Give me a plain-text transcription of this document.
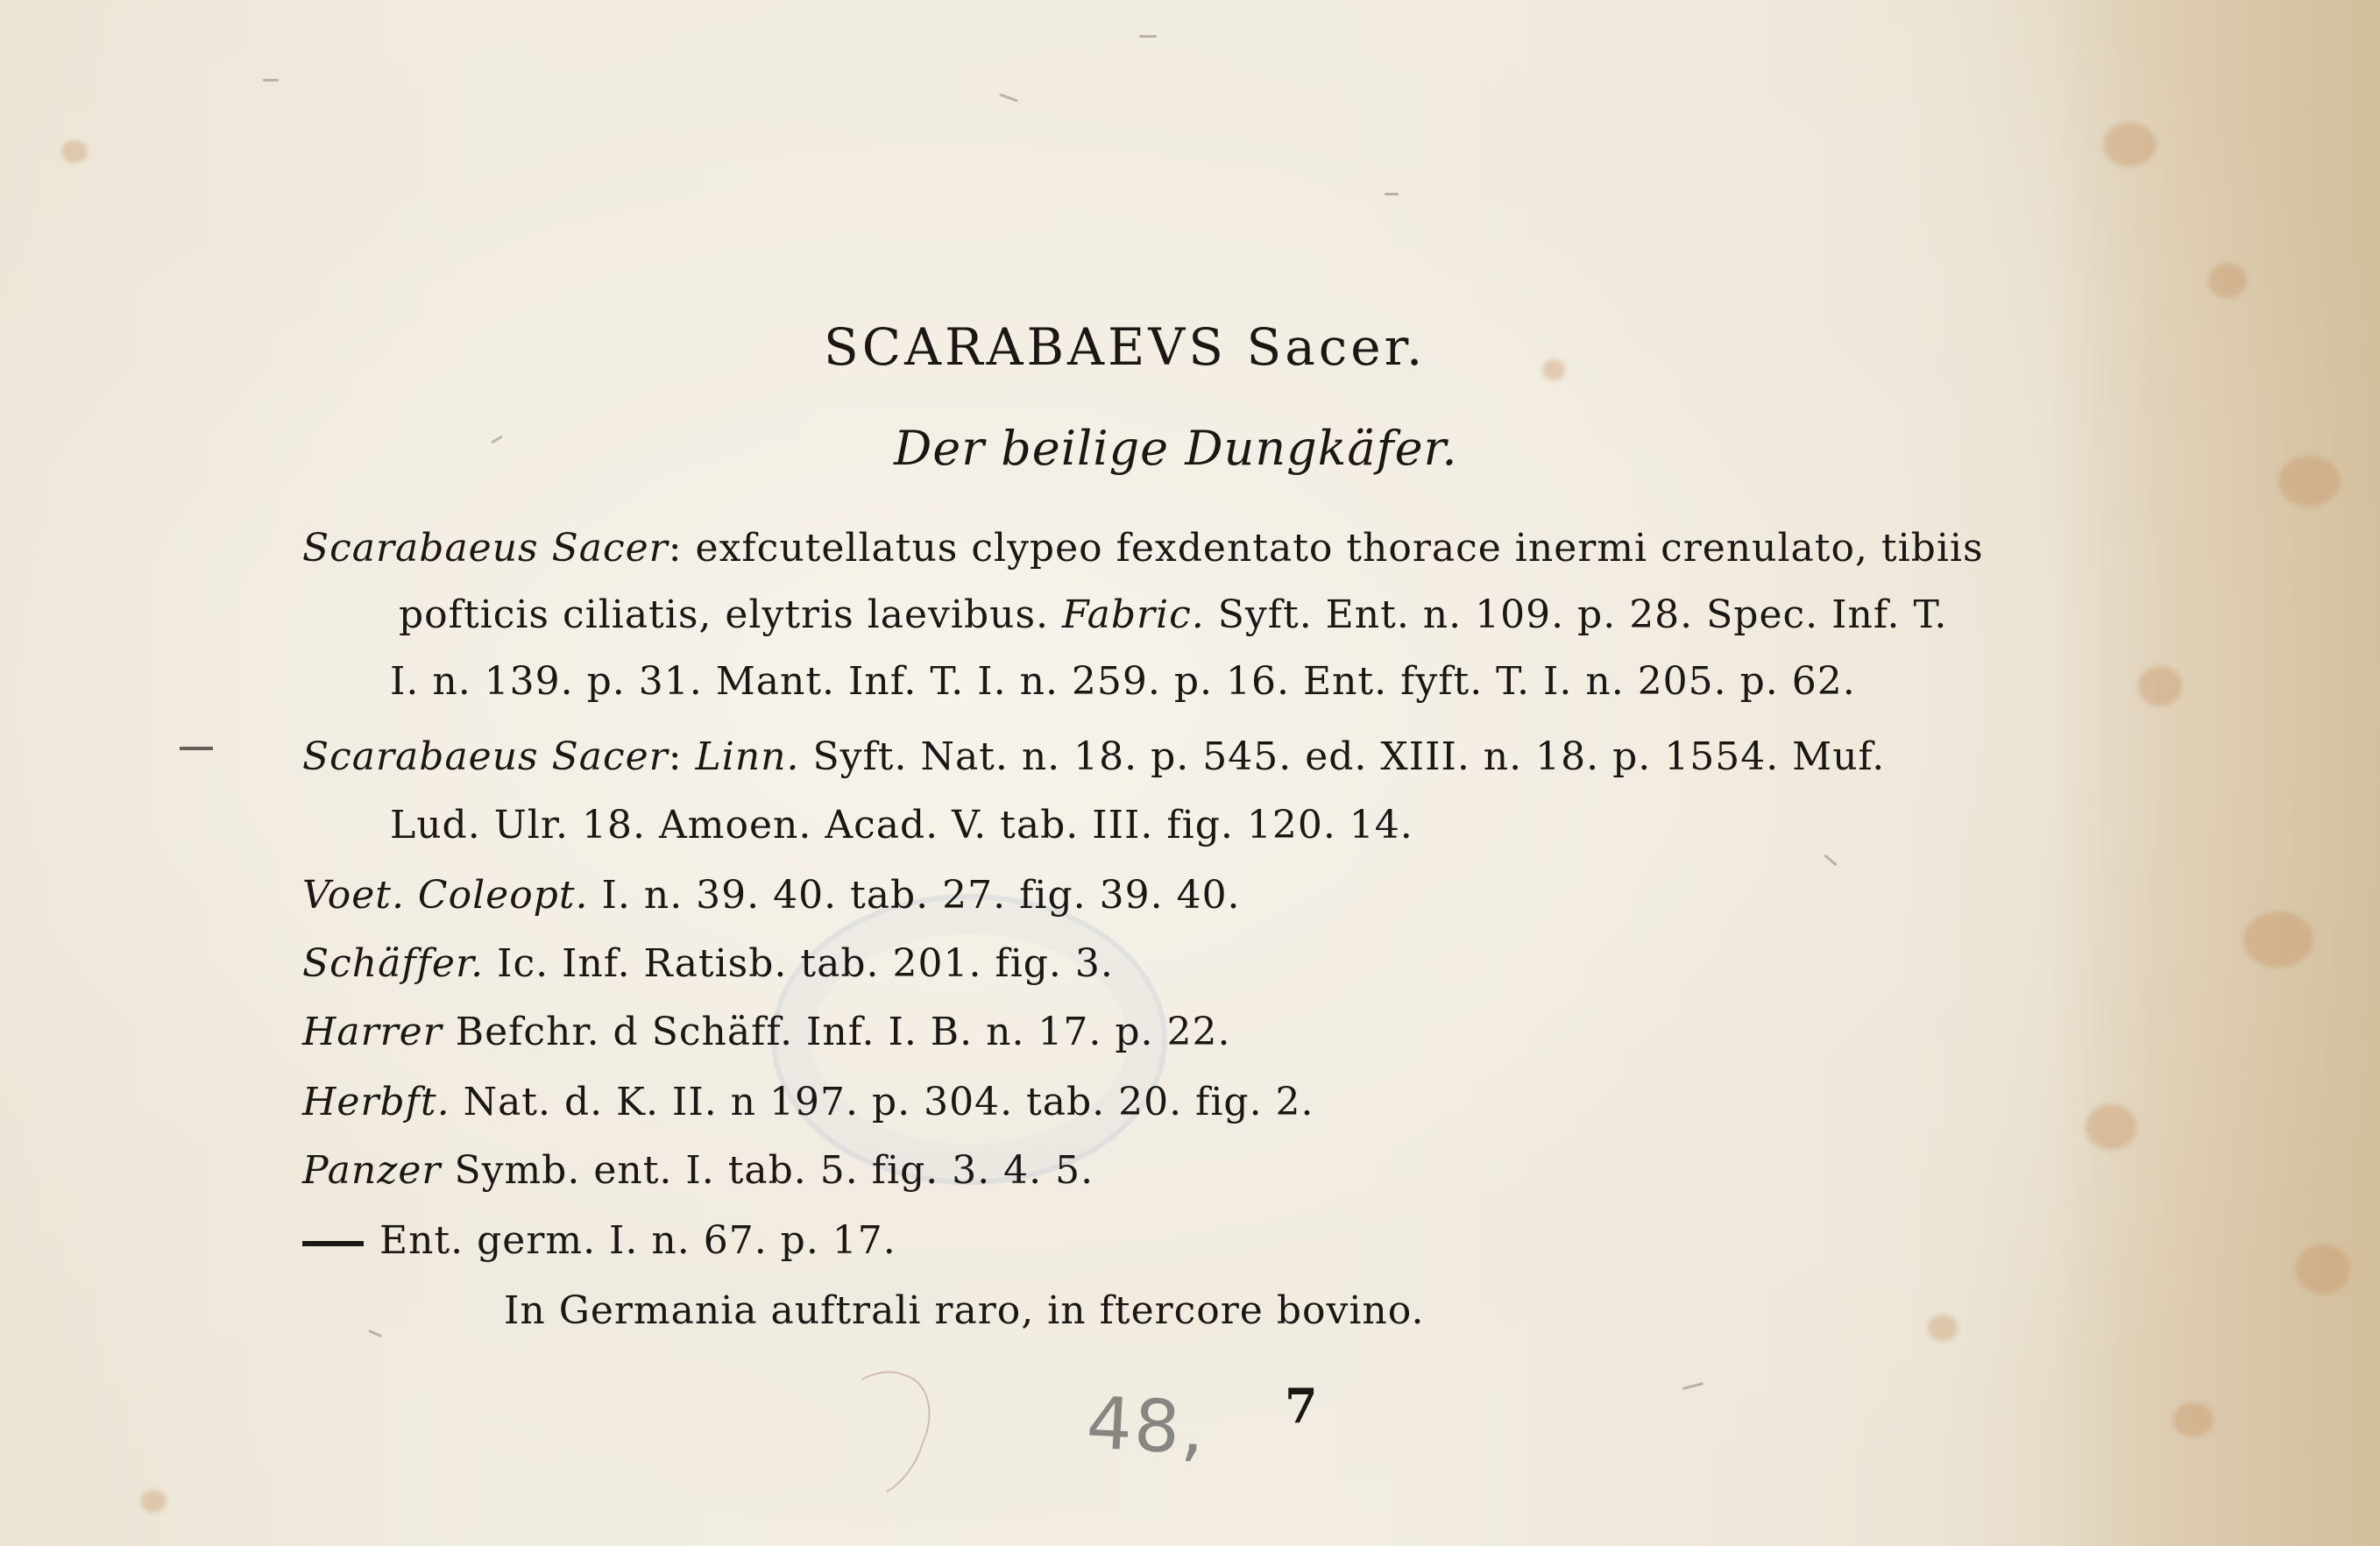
SCARABAEVS Sacer.
Der beilige Dungkäfer.
Scarabaeus Sacer: exfcutellatus clypeo fexdentato thorace inermi crenulato, tibiis
pofticis ciliatis, elytris laevibus. Fabric. Syft. Ent. n. 109. p. 28. Spec. Inf. T.
I. n. 139. p. 31. Mant. Inf. T. I. n. 259. p. 16. Ent. fyft. T. I. n. 205. p. 62.
Scarabaeus Sacer: Linn. Syft. Nat. n. 18. p. 545. ed. XIII. n. 18. p. 1554. Muf.
Lud. Ulr. 18. Amoen. Acad. V. tab. III. fig. 120. 14.
Voet. Coleopt. I. n. 39. 40. tab. 27. fig. 39. 40.
Schäffer. Ic. Inf. Ratisb. tab. 201. fig. 3.
Harrer Befchr. d Schäff. Inf. I. B. n. 17. p. 22.
Herbft. Nat. d. K. II. n 197. p. 304. tab. 20. fig. 2.
Panzer Symb. ent. I. tab. 5. fig. 3. 4. 5.
Ent. germ. I. n. 67. p. 17.
In Germania auftrali raro, in ftercore bovino.
48, 7
